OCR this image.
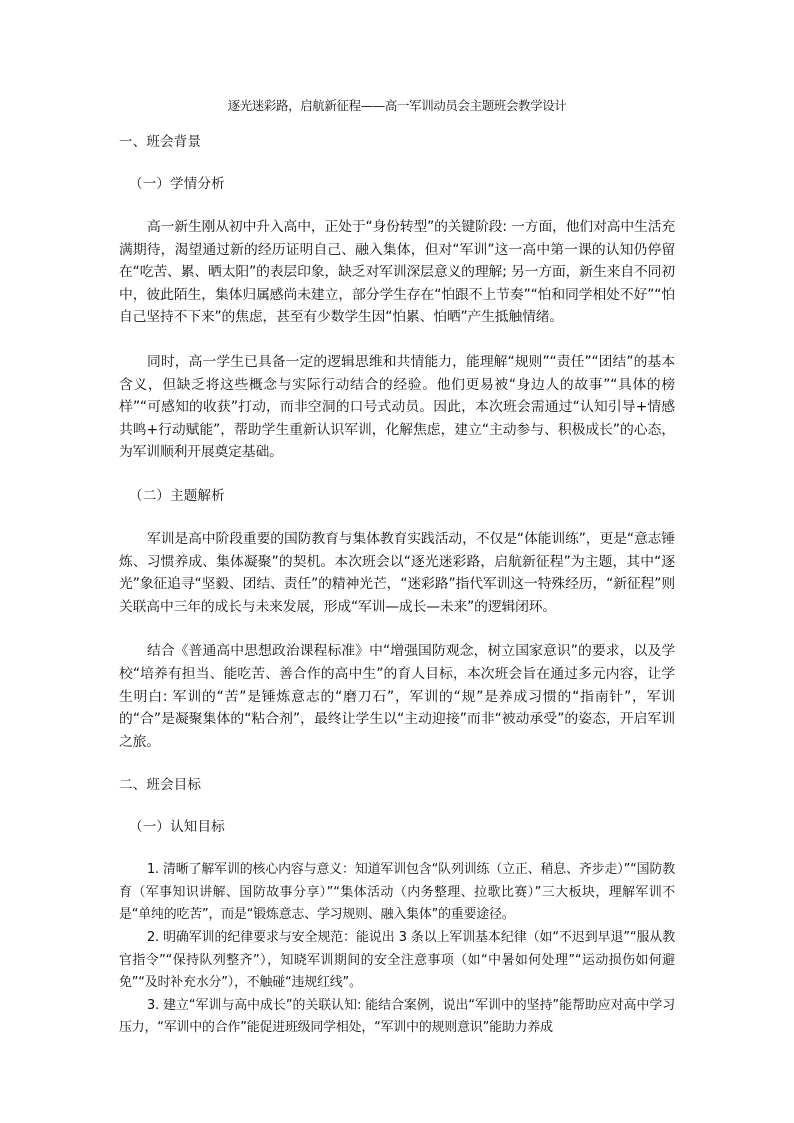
逐光迷彩路，启航新征程——高一军训动员会主题班会教学设计
一、班会背景
（一）学情分析

高一新生刚从初中升入高中，正处于“身份转型”的关键阶段: 一方面，他们对高中生活充满期待，渴望通过新的经历证明自己、融入集体，但对“军训”这一高中第一课的认知仍停留在“吃苦、累、晒太阳”的表层印象，缺乏对军训深层意义的理解; 另一方面，新生来自不同初中，彼此陌生，集体归属感尚未建立，部分学生存在“怕跟不上节奏”“怕和同学相处不好”“怕自己坚持不下来”的焦虑，甚至有少数学生因“怕累、怕晒”产生抵触情绪。

同时，高一学生已具备一定的逻辑思维和共情能力，能理解“规则”“责任”“团结”的基本含义，但缺乏将这些概念与实际行动结合的经验。他们更易被“身边人的故事”“具体的榜样”“可感知的收获”打动，而非空洞的口号式动员。因此，本次班会需通过“认知引导+情感共鸣+行动赋能”，帮助学生重新认识军训，化解焦虑，建立“主动参与、积极成长”的心态，为军训顺利开展奠定基础。

（二）主题解析

军训是高中阶段重要的国防教育与集体教育实践活动，不仅是“体能训练”，更是“意志锤炼、习惯养成、集体凝聚”的契机。本次班会以“逐光迷彩路，启航新征程”为主题，其中“逐光”象征追寻“坚毅、团结、责任”的精神光芒，“迷彩路”指代军训这一特殊经历，“新征程”则关联高中三年的成长与未来发展，形成“军训—成长—未来”的逻辑闭环。

结合《普通高中思想政治课程标准》中“增强国防观念，树立国家意识”的要求，以及学校“培养有担当、能吃苦、善合作的高中生”的育人目标，本次班会旨在通过多元内容，让学生明白: 军训的“苦”是锤炼意志的“磨刀石”，军训的“规”是养成习惯的“指南针”，军训的“合”是凝聚集体的“粘合剂”，最终让学生以“主动迎接”而非“被动承受”的姿态，开启军训之旅。

二、班会目标
（一）认知目标

1. 清晰了解军训的核心内容与意义：知道军训包含“队列训练（立正、稍息、齐步走）”“国防教育（军事知识讲解、国防故事分享）”“集体活动（内务整理、拉歌比赛）”三大板块，理解军训不是“单纯的吃苦”，而是“锻炼意志、学习规则、融入集体”的重要途径。

2. 明确军训的纪律要求与安全规范：能说出 3 条以上军训基本纪律（如“不迟到早退”“服从教官指令”“保持队列整齐”），知晓军训期间的安全注意事项（如“中暑如何处理”“运动损伤如何避免”“及时补充水分”），不触碰“违规红线”。

3. 建立“军训与高中成长”的关联认知: 能结合案例，说出“军训中的坚持”能帮助应对高中学习压力，“军训中的合作”能促进班级同学相处，“军训中的规则意识”能助力养成
